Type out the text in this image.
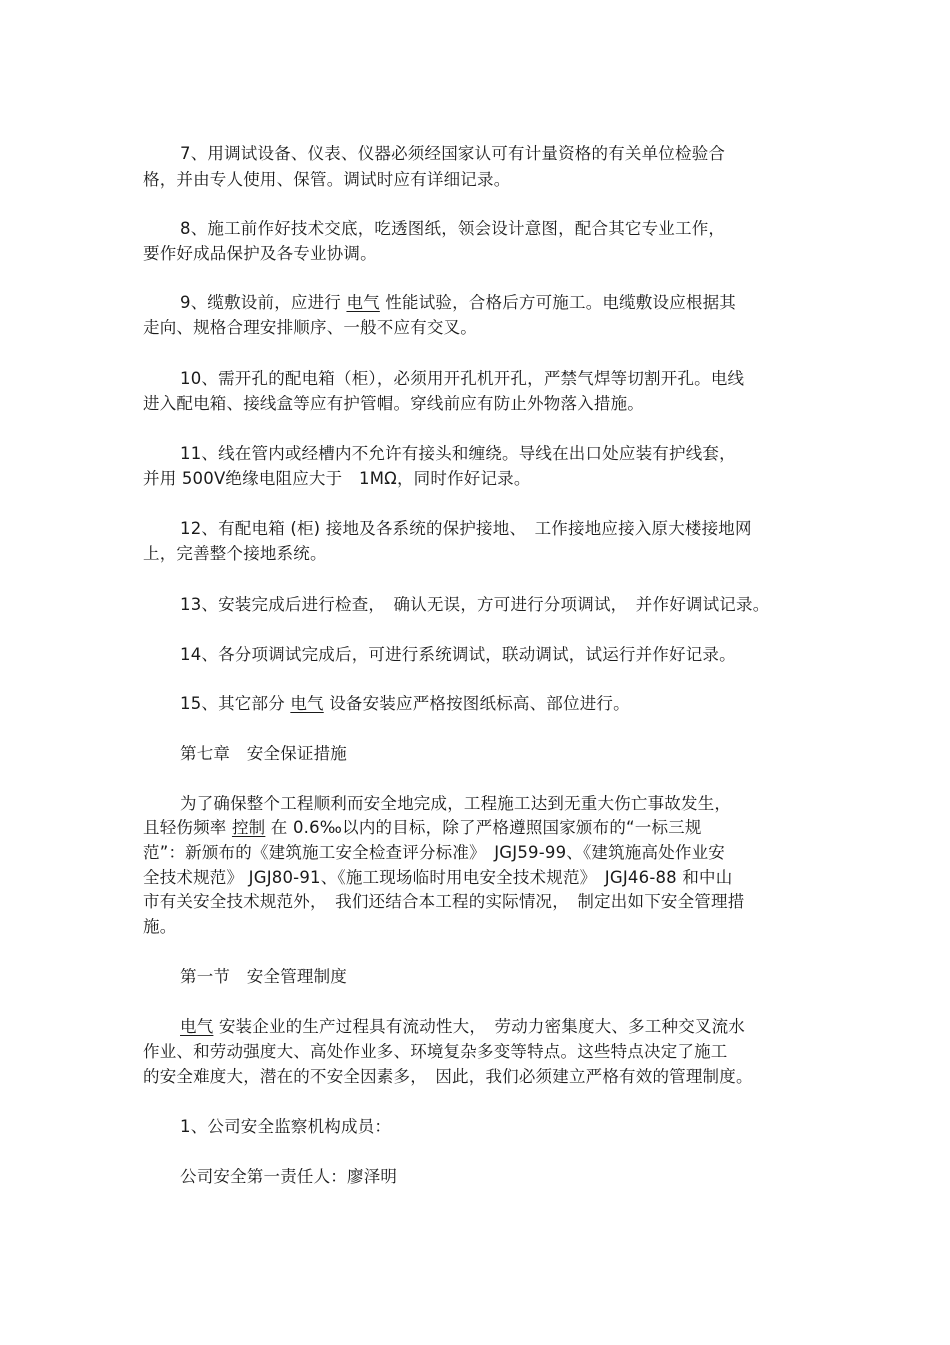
7、用调试设备、仪表、仪器必须经国家认可有计量资格的有关单位检验合
格，并由专人使用、保管。调试时应有详细记录。
8、施工前作好技术交底，吃透图纸，领会设计意图，配合其它专业工作，
要作好成品保护及各专业协调。
9、缆敷设前，应进行 电气 性能试验，合格后方可施工。电缆敷设应根据其
走向、规格合理安排顺序、一般不应有交叉。
10、需开孔的配电箱（柜），必须用开孔机开孔，严禁气焊等切割开孔。电线
进入配电箱、接线盒等应有护管帽。穿线前应有防止外物落入措施。
11、线在管内或经槽内不允许有接头和缠绕。导线在出口处应装有护线套，
并用 500V绝缘电阻应大于　1MΩ，同时作好记录。
12、有配电箱 (柜) 接地及各系统的保护接地、　工作接地应接入原大楼接地网
上，完善整个接地系统。
13、安装完成后进行检查，　确认无误，方可进行分项调试，　并作好调试记录。
14、各分项调试完成后，可进行系统调试，联动调试，试运行并作好记录。
15、其它部分 电气 设备安装应严格按图纸标高、部位进行。
第七章　安全保证措施
为了确保整个工程顺利而安全地完成，工程施工达到无重大伤亡事故发生，
且轻伤频率 控制 在 0.6‰以内的目标，除了严格遵照国家颁布的“一标三规
范”：新颁布的《建筑施工安全检查评分标准》　JGJ59-99、《建筑施高处作业安
全技术规范》 JGJ80-91、《施工现场临时用电安全技术规范》　JGJ46-88 和中山
市有关安全技术规范外，　我们还结合本工程的实际情况，　制定出如下安全管理措
施。
第一节　安全管理制度
电气 安装企业的生产过程具有流动性大，　劳动力密集度大、多工种交叉流水
作业、和劳动强度大、高处作业多、环境复杂多变等特点。这些特点决定了施工
的安全难度大，潜在的不安全因素多，　因此，我们必须建立严格有效的管理制度。
1、公司安全监察机构成员：
公司安全第一责任人：廖泽明
